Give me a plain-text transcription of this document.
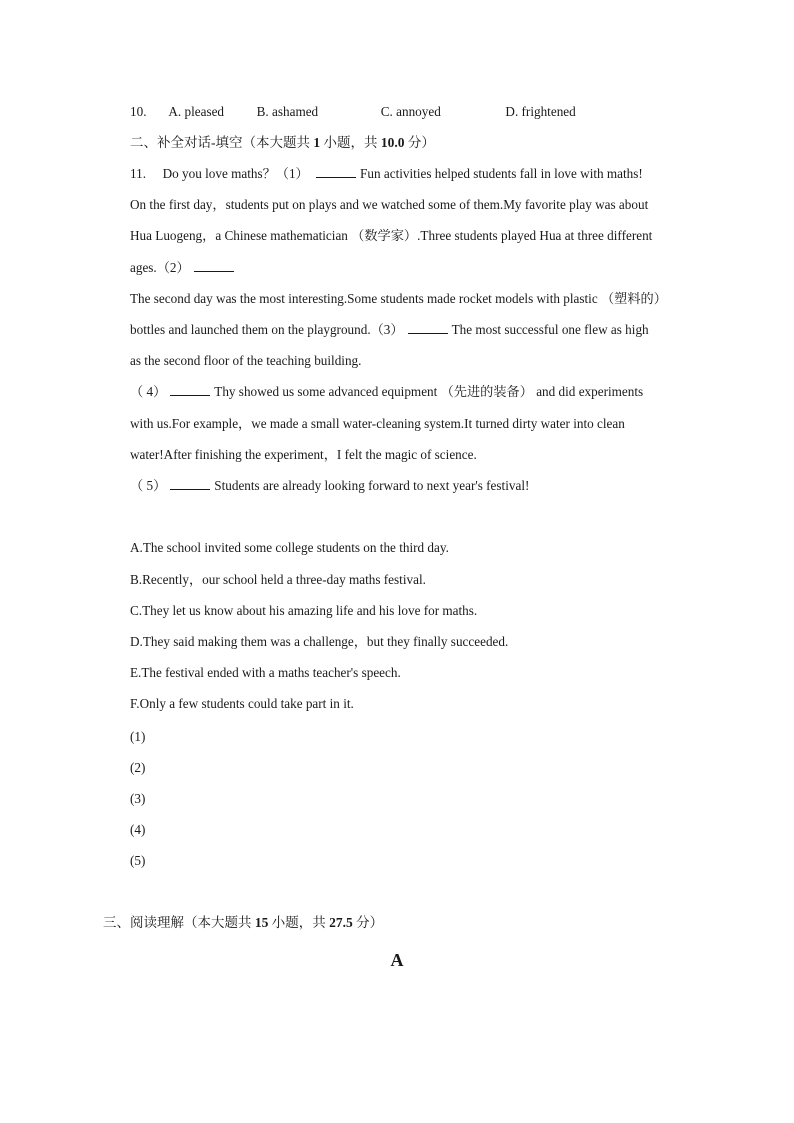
10. A. pleased B. ashamed	C. annoyed	D. frightened
二、补全对话-填空（本大题共 1 小题，共 10.0 分）
11. Do you love maths？（1）	Fun activities helped students fall in love with maths!
On the first day，students put on plays and we watched some of them.My favorite play was about
Hua Luogeng，a Chinese mathematician （数学家）.Three students played Hua at three different
ages.（2）
The second day was the most interesting.Some students made rocket models with plastic （塑料的）
bottles and launched them on the playground.（3）	The most successful one flew as high
as the second floor of the teaching building.
（ 4）	Thy showed us some advanced equipment （先进的装备） and did experiments
with us.For example，we made a small water-cleaning system.It turned dirty water into clean
water!After finishing the experiment，I felt the magic of science.
（ 5）	Students are already looking forward to next year's festival!
A.The school invited some college students on the third day.
B.Recently，our school held a three-day maths festival.
C.They let us know about his amazing life and his love for maths.
D.They said making them was a challenge，but they finally succeeded.
E.The festival ended with a maths teacher's speech.
F.Only a few students could take part in it.
(1)
(2)
(3)
(4)
(5)
三、阅读理解（本大题共 15 小题，共 27.5 分）
A
